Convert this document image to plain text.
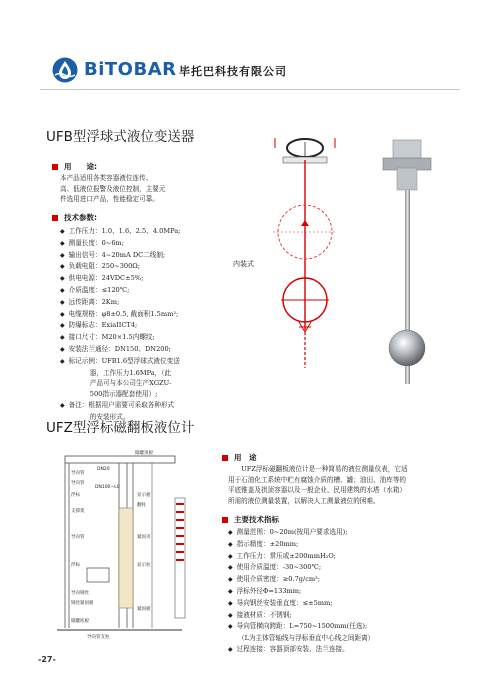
BiTOBAR 毕托巴科技有限公司
UFB型浮球式液位变送器
用　　途:
本产品适用各类容器液位连传、
高、低液位报警及液位控制，主要元
件选用进口产品，性能稳定可靠。
技术参数:
◆ 工作压力：1.0、1.6、2.5、4.0MPa;
◆ 测量长度：0~6m;
◆ 输出信号：4~20mA DC二线制;
◆ 负载电阻：250~300Ω;
◆ 供电电源：24VDC±5%;
◆ 介质温度：≤120℃;
◆ 远传距离：2Km;
◆ 电缆规格：φ8±0.5, 截面积1.5mm²;
◆ 防爆标志：ExiaIICT4;
◆ 接口尺寸：M20×1.5内螺纹;
◆ 安装法兰通径：DN150、DN200;
◆ 标记示例：UFB1.6型浮球式液位变送
　　　器，工作压力1.6MPa，（此
　　　产品可与本公司生产XGZU-
　　　500指示器配套使用）;
◆ 备注：根据用户需要可采取各种形式
　　　的安装形式。
内装式
UFZ型浮标磁翻板液位计
储罐顶板
导向管
导向管
DN20
DN100~L0
浮标	显示板
翻柱
支撑架
导向管
浮标
紧固夹
显示柱
导向钢丝
钢丝紧固板
紧固板
储罐底板
导向管支柱
用　途
　　UFZ浮标磁翻板液位计是一种简易的液位测量仪表，它适
用于石油化工系统中贮有腐蚀介质的槽、罐；油田、油库等的
平底锥盖及拱顶容器以及一般企业、民用建筑的水塔（水箱）
所需的液位测量装置，以解决人工测量液位的困难。
主要技术指标
◆ 测量范围：0~20m(按用户要求选用);
◆ 指示精度：±20mm;
◆ 工作压力：常压或±200mmH₂O;
◆ 使用介质温度：-30~300℃;
◆ 使用介质密度：≥0.7g/cm³;
◆ 浮标外径Φ=133mm;
◆ 导向钢丝安装垂直度：≤±5mm;
◆ 接液材质：不锈钢;
◆ 导向管横向跨距：L=750~1500mm(任选);
（L为主体管轴线与浮标垂直中心线之间距离）
◆ 过程连接：容器顶部安装、法兰连接。
-27-
